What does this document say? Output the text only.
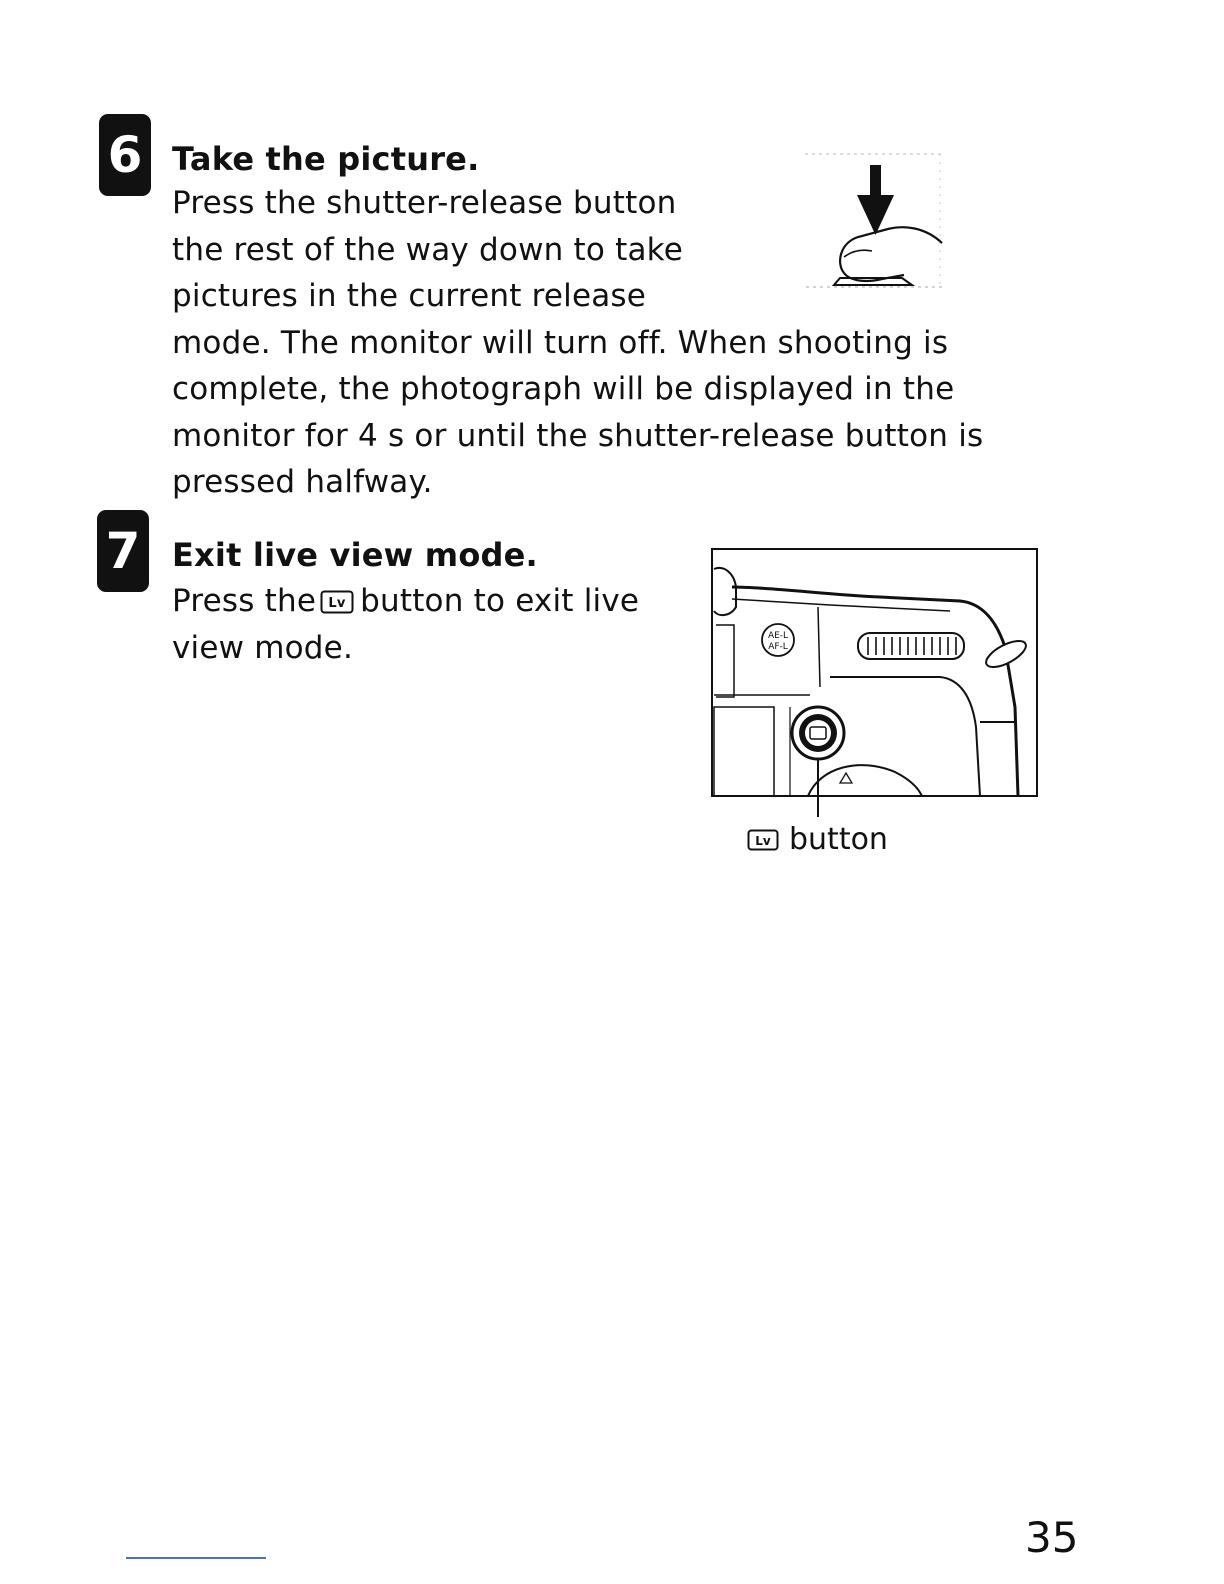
6 Take the picture.
Press the shutter-release button
the rest of the way down to take
pictures in the current release
mode. The monitor will turn off. When shooting is
complete, the photograph will be displayed in the
monitor for 4 s or until the shutter-release button is
pressed halfway.
7 Exit live view mode.
Press the Lv button to exit live
view mode.	AE-L
AF-L
Lv button
35
